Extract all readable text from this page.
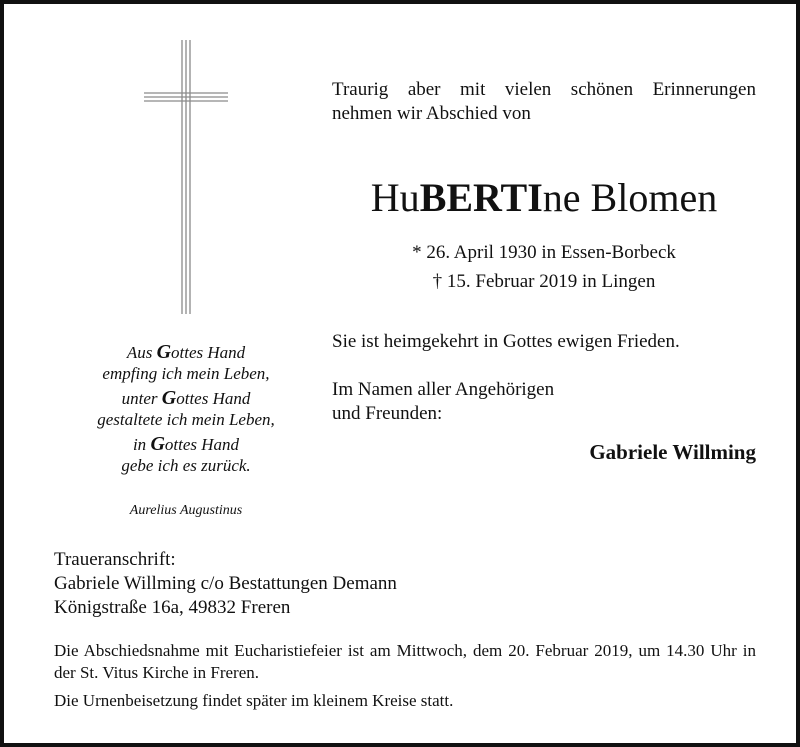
Traurig aber mit vielen schönen Erinnerungen
nehmen wir Abschied von
HuBERTIne Blomen
* 26. April 1930 in Essen-Borbeck
† 15. Februar 2019 in Lingen
Sie ist heimgekehrt in Gottes ewigen Frieden.
Im Namen aller Angehörigen
und Freunden:
Gabriele Willming
Aus Gottes Hand
empfing ich mein Leben,
unter Gottes Hand
gestaltete ich mein Leben,
in Gottes Hand
gebe ich es zurück.
Aurelius Augustinus
Traueranschrift:
Gabriele Willming c/o Bestattungen Demann
Königstraße 16a, 49832 Freren

Die Abschiedsnahme mit Eucharistiefeier ist am Mittwoch, dem 20. Februar 2019, um 14.30 Uhr in der St. Vitus Kirche in Freren.

Die Urnenbeisetzung findet später im kleinem Kreise statt.
